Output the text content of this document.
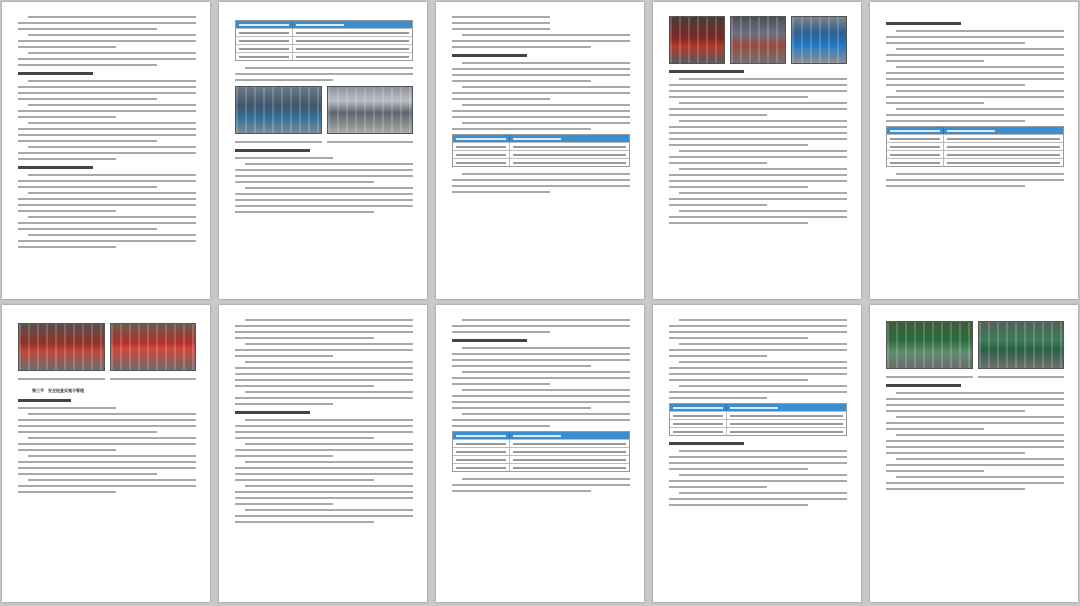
第三节　安全检查实施与管理
